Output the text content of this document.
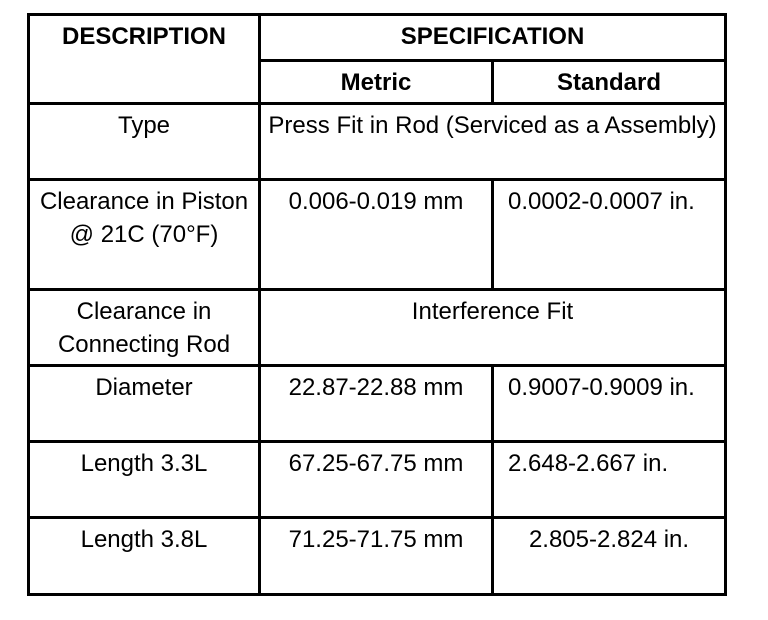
DESCRIPTION	SPECIFICATION	
	Metric	Standard
Type	Press Fit in Rod (Serviced as a Assembly)	
Clearance in Piston @ 21C (70°F)	0.006-0.019 mm	0.0002-0.0007 in.
Clearance in Connecting Rod	Interference Fit	
Diameter	22.87-22.88 mm	0.9007-0.9009 in.
Length 3.3L	67.25-67.75 mm	2.648-2.667 in.
Length 3.8L	71.25-71.75 mm	2.805-2.824 in.
